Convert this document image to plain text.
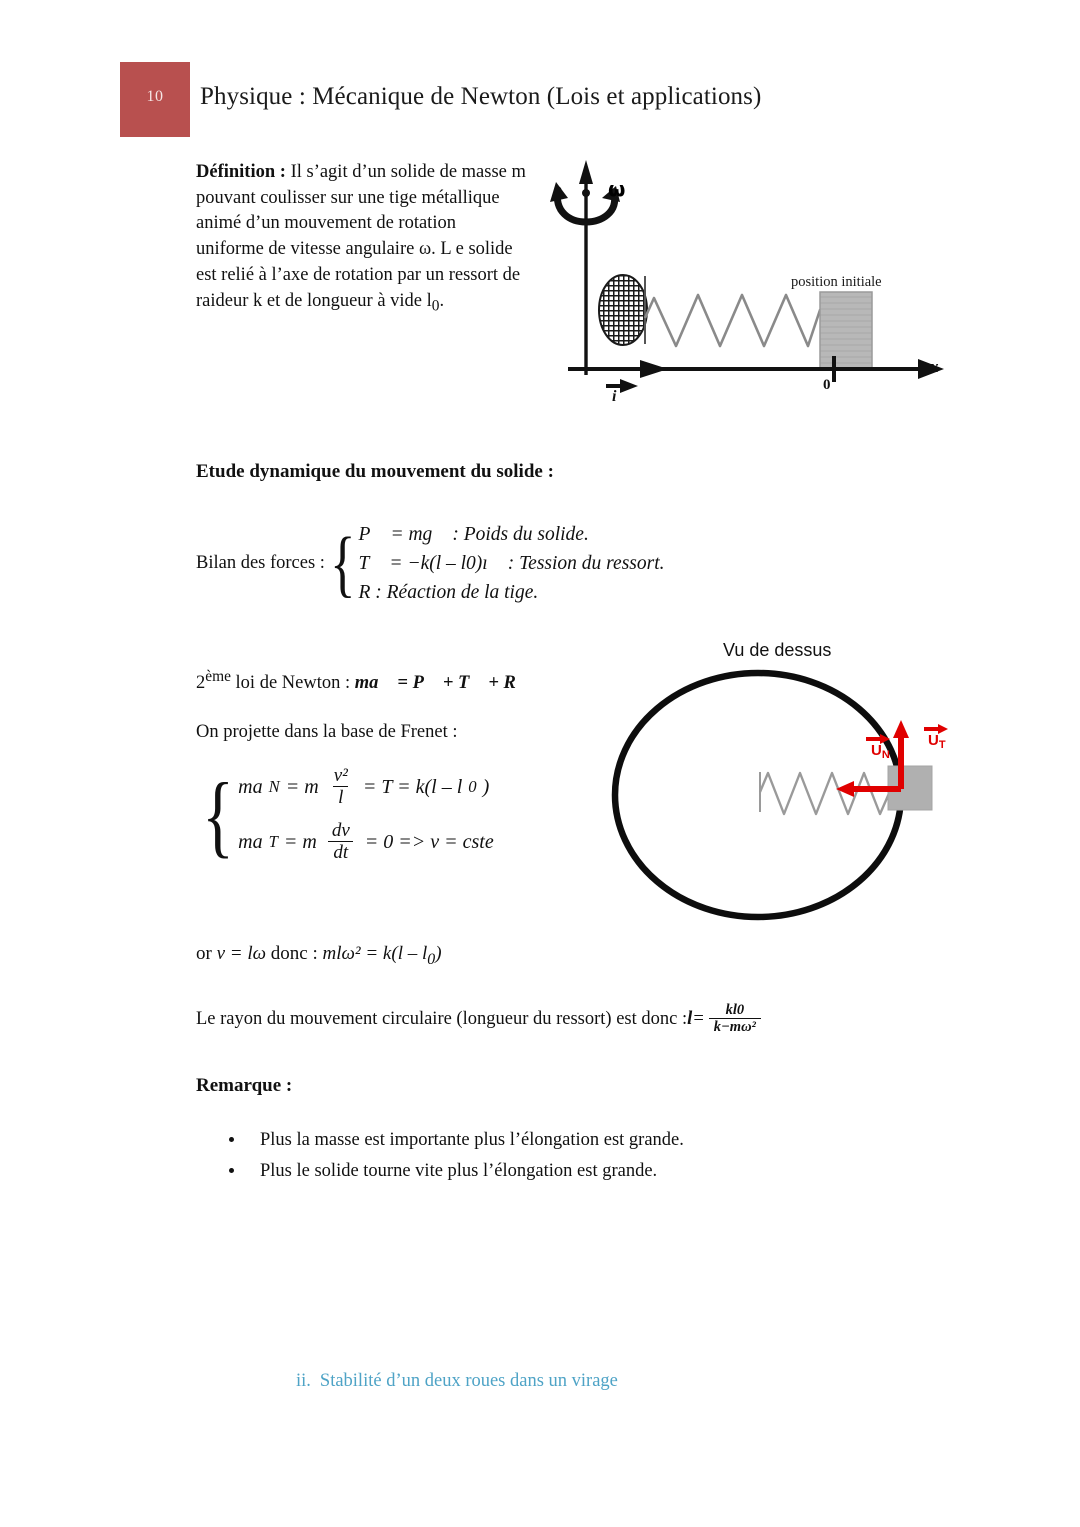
10	Physique : Mécanique de Newton (Lois et applications)

Définition : Il s’agit d’un solide de masse m pouvant coulisser sur une tige métallique animé d’un mouvement de rotation uniforme de vitesse angulaire ω. L e solide est relié à l’axe de rotation par un ressort de raideur k et de longueur à vide $l_0$.

ω
position initiale
x
0
i
Etude dynamique du mouvement du solide :
Bilan des forces : { P⃗ = mg⃗ : Poids du solide.
T⃗ = −k(l – l0)ı⃗ : Tession du ressort.
R : Réaction de la tige.
2ème loi de Newton : ma⃗ = P⃗ + T⃗ + R⃗
On projette dans la base de Frenet :
{ ma N = m $\frac{\text{v²}}{l} = T = k(l - l$ 0 )
ma T = m $\frac{dv}{dt} = 0 => v$ = cste
Vu de dessus
$U_N$
$U_T$
or v = lω donc : $ml\omega^2 = k(l - l_0)$
Le rayon du mouvement circulaire (longueur du ressort) est donc : $l = \frac{kl0}{\text{k−mω²}}$
Remarque :
• Plus la masse est importante plus l’élongation est grande.
• Plus le solide tourne vite plus l’élongation est grande.
ii. Stabilité d’un deux roues dans un virage
